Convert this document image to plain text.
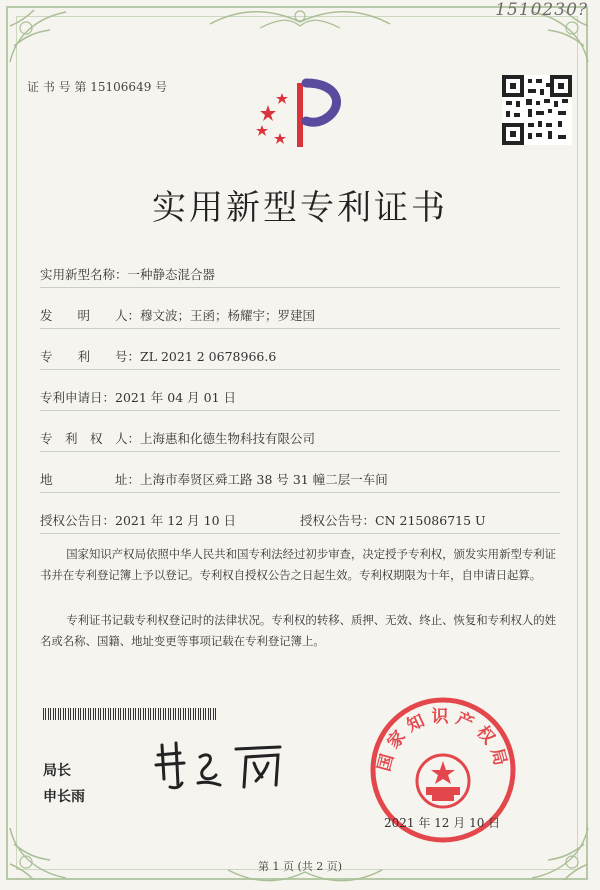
1510230?
证 书 号 第 15106649 号
实用新型专利证书
实用新型名称：一种静态混合器
发　　明　　人：穆文波；王函；杨耀宇；罗建国
专　　利　　号：ZL 2021 2 0678966.6
专利申请日：2021 年 04 月 01 日
专　利　权　人：上海惠和化德生物科技有限公司
地　　　　　址：上海市奉贤区舜工路 38 号 31 幢二层一车间
授权公告日：2021 年 12 月 10 日	授权公告号：CN 215086715 U
国家知识产权局依照中华人民共和国专利法经过初步审查，决定授予专利权，颁发实用新型专利证书并在专利登记簿上予以登记。专利权自授权公告之日起生效。专利权期限为十年，自申请日起算。
专利证书记载专利权登记时的法律状况。专利权的转移、质押、无效、终止、恢复和专利权人的姓名或名称、国籍、地址变更等事项记载在专利登记簿上。
局长
申长雨
国家知识产权局
2021 年 12 月 10 日
第 1 页 (共 2 页)
